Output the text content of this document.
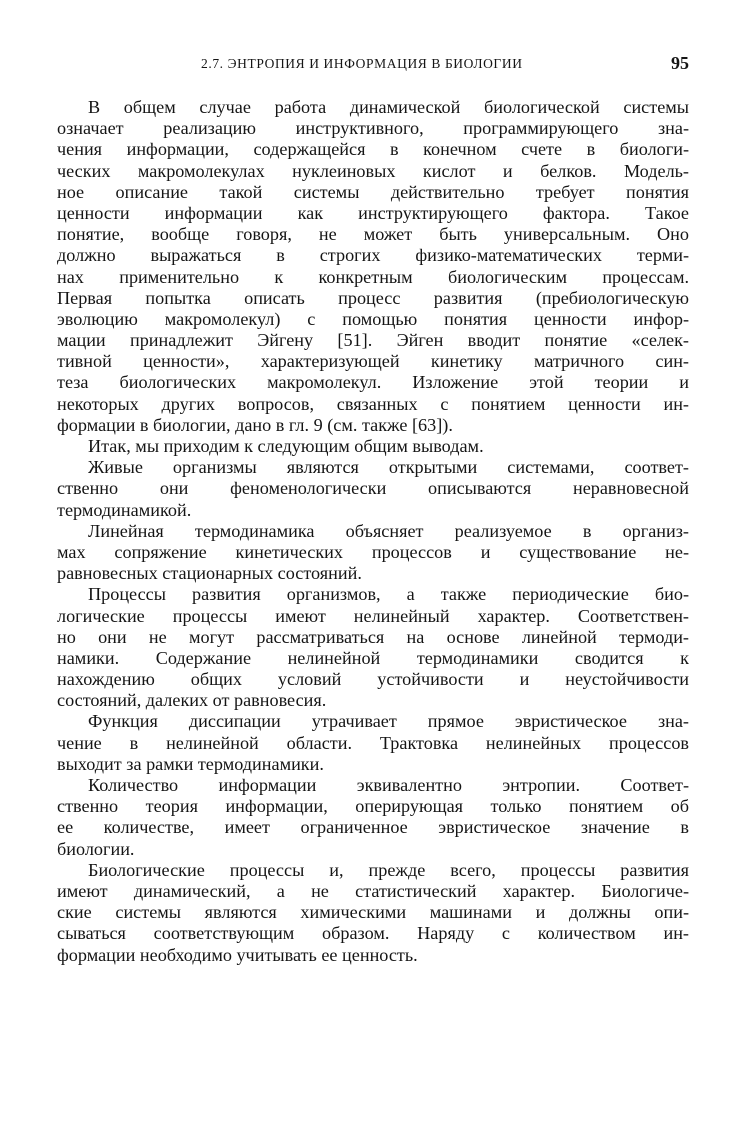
2.7. ЭНТРОПИЯ И ИНФОРМАЦИЯ В БИОЛОГИИ	95
В общем случае работа динамической биологической системы
означает реализацию инструктивного, программирующего зна-
чения информации, содержащейся в конечном счете в биологи-
ческих макромолекулах нуклеиновых кислот и белков. Модель-
ное описание такой системы действительно требует понятия
ценности информации как инструктирующего фактора. Такое
понятие, вообще говоря, не может быть универсальным. Оно
должно выражаться в строгих физико-математических терми-
нах применительно к конкретным биологическим процессам.
Первая попытка описать процесс развития (пребиологическую
эволюцию макромолекул) с помощью понятия ценности инфор-
мации принадлежит Эйгену [51]. Эйген вводит понятие «селек-
тивной ценности», характеризующей кинетику матричного син-
теза биологических макромолекул. Изложение этой теории и
некоторых других вопросов, связанных с понятием ценности ин-
формации в биологии, дано в гл. 9 (см. также [63]).
Итак, мы приходим к следующим общим выводам.
Живые организмы являются открытыми системами, соответ-
ственно они феноменологически описываются неравновесной
термодинамикой.
Линейная термодинамика объясняет реализуемое в организ-
мах сопряжение кинетических процессов и существование не-
равновесных стационарных состояний.
Процессы развития организмов, а также периодические био-
логические процессы имеют нелинейный характер. Соответствен-
но они не могут рассматриваться на основе линейной термоди-
намики. Содержание нелинейной термодинамики сводится к
нахождению общих условий устойчивости и неустойчивости
состояний, далеких от равновесия.
Функция диссипации утрачивает прямое эвристическое зна-
чение в нелинейной области. Трактовка нелинейных процессов
выходит за рамки термодинамики.
Количество информации эквивалентно энтропии. Соответ-
ственно теория информации, оперирующая только понятием об
ее количестве, имеет ограниченное эвристическое значение в
биологии.
Биологические процессы и, прежде всего, процессы развития
имеют динамический, а не статистический характер. Биологиче-
ские системы являются химическими машинами и должны опи-
сываться соответствующим образом. Наряду с количеством ин-
формации необходимо учитывать ее ценность.
